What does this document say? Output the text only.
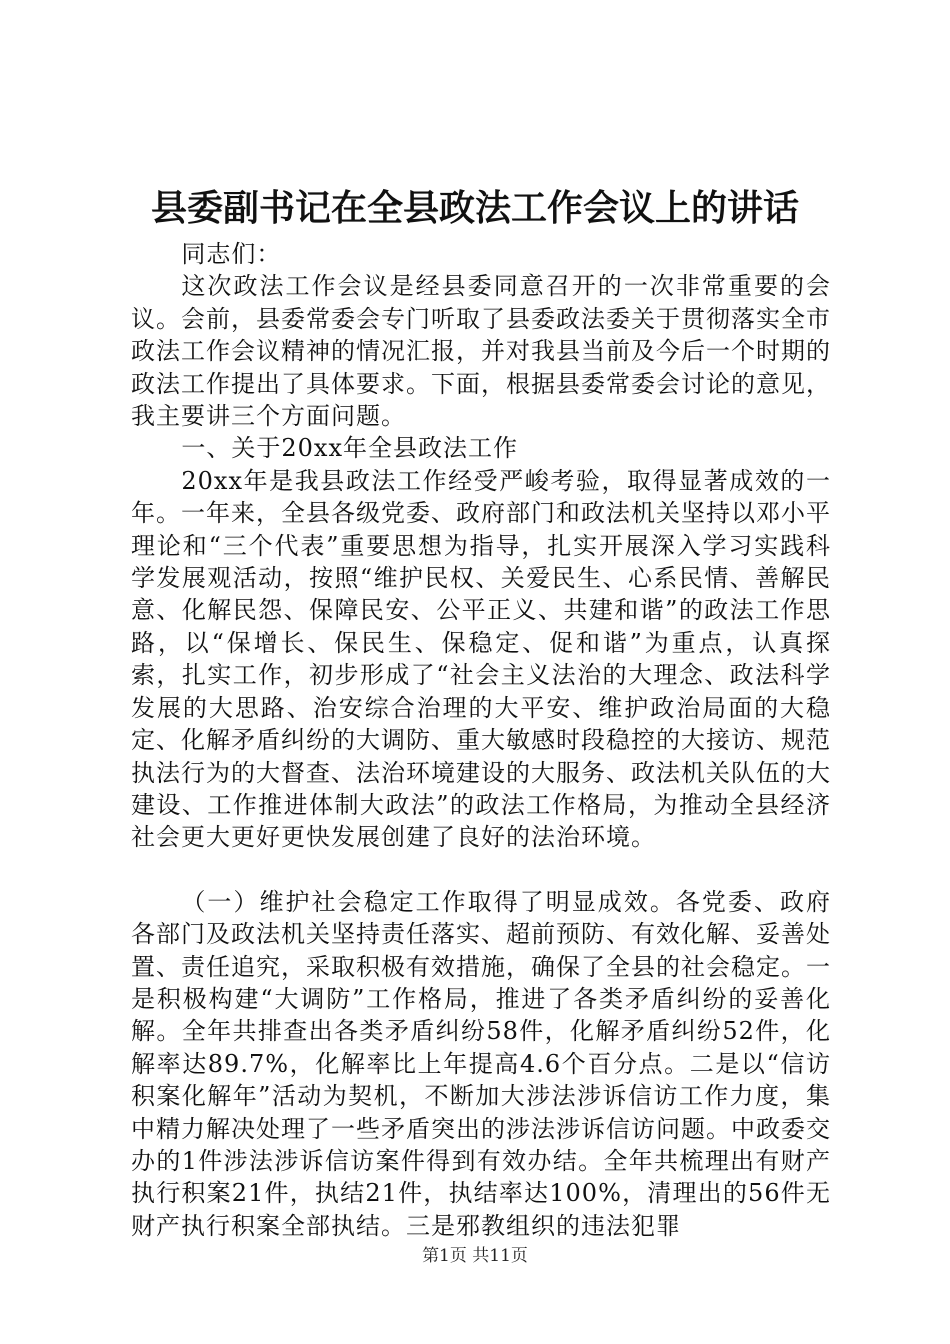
县委副书记在全县政法工作会议上的讲话

同志们：

这次政法工作会议是经县委同意召开的一次非常重要的会议。会前，县委常委会专门听取了县委政法委关于贯彻落实全市政法工作会议精神的情况汇报，并对我县当前及今后一个时期的政法工作提出了具体要求。下面，根据县委常委会讨论的意见，我主要讲三个方面问题。

一、关于20xx年全县政法工作

20xx年是我县政法工作经受严峻考验，取得显著成效的一年。一年来，全县各级党委、政府部门和政法机关坚持以邓小平理论和“三个代表”重要思想为指导，扎实开展深入学习实践科学发展观活动，按照“维护民权、关爱民生、心系民情、善解民意、化解民怨、保障民安、公平正义、共建和谐”的政法工作思路，以“保增长、保民生、保稳定、促和谐”为重点，认真探索，扎实工作，初步形成了“社会主义法治的大理念、政法科学发展的大思路、治安综合治理的大平安、维护政治局面的大稳定、化解矛盾纠纷的大调防、重大敏感时段稳控的大接访、规范执法行为的大督查、法治环境建设的大服务、政法机关队伍的大建设、工作推进体制大政法”的政法工作格局，为推动全县经济社会更大更好更快发展创建了良好的法治环境。

（一）维护社会稳定工作取得了明显成效。各党委、政府各部门及政法机关坚持责任落实、超前预防、有效化解、妥善处置、责任追究，采取积极有效措施，确保了全县的社会稳定。一是积极构建“大调防”工作格局，推进了各类矛盾纠纷的妥善化解。全年共排查出各类矛盾纠纷58件，化解矛盾纠纷52件，化解率达89.7%，化解率比上年提高4.6个百分点。二是以“信访积案化解年”活动为契机，不断加大涉法涉诉信访工作力度，集中精力解决处理了一些矛盾突出的涉法涉诉信访问题。中政委交办的1件涉法涉诉信访案件得到有效办结。全年共梳理出有财产执行积案21件，执结21件，执结率达100%，清理出的56件无财产执行积案全部执结。三是邪教组织的违法犯罪

第1页 共11页
